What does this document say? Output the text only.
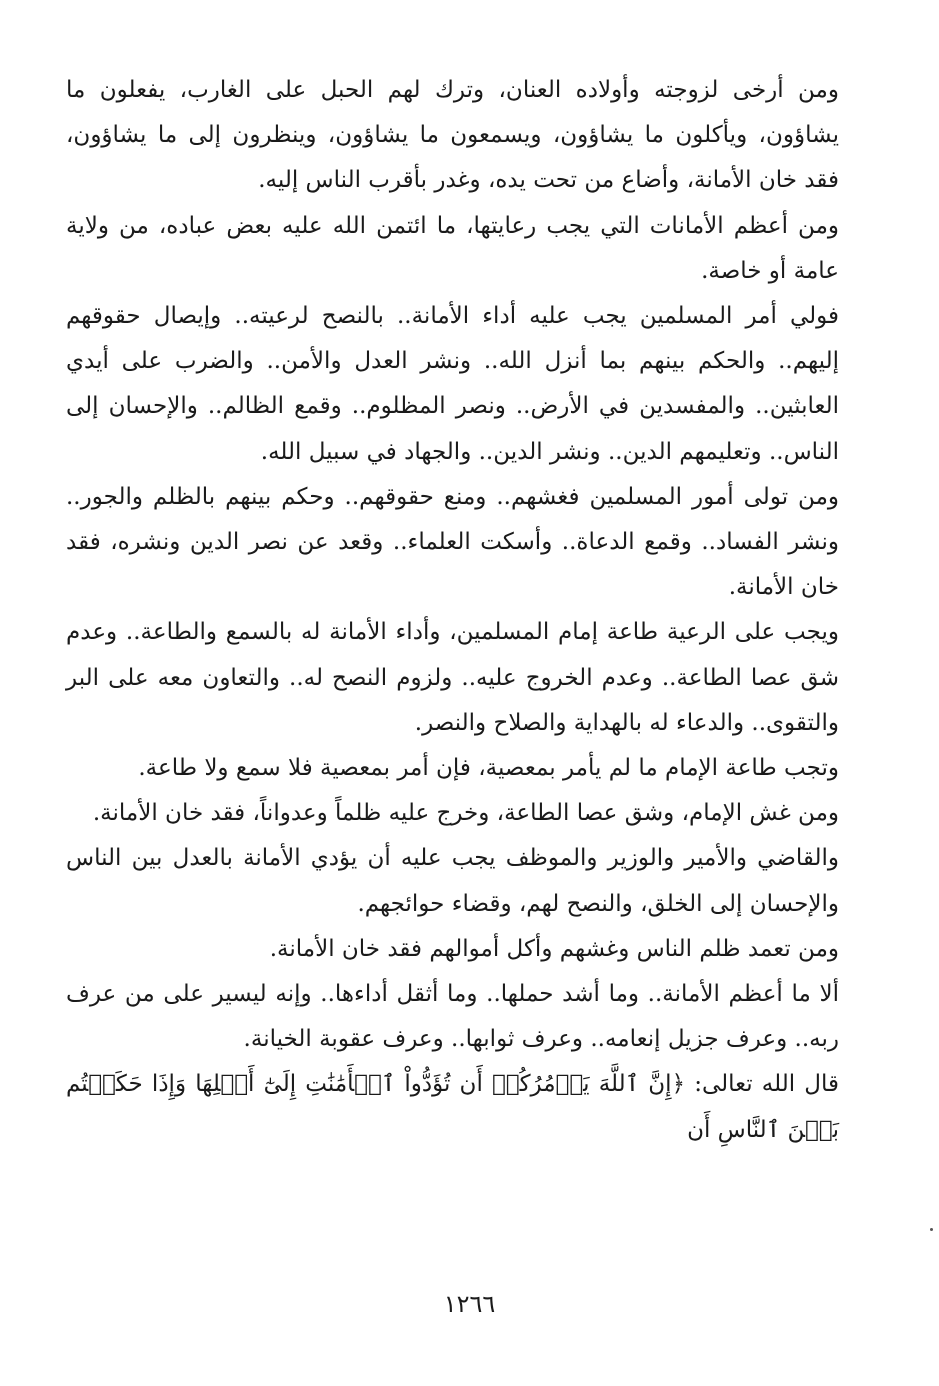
ومن أرخى لزوجته وأولاده العنان، وترك لهم الحبل على الغارب، يفعلون ما يشاؤون، ويأكلون ما يشاؤون، ويسمعون ما يشاؤون، وينظرون إلى ما يشاؤون، فقد خان الأمانة، وأضاع من تحت يده، وغدر بأقرب الناس إليه.

ومن أعظم الأمانات التي يجب رعايتها، ما ائتمن الله عليه بعض عباده، من ولاية عامة أو خاصة.

فولي أمر المسلمين يجب عليه أداء الأمانة.. بالنصح لرعيته.. وإيصال حقوقهم إليهم.. والحكم بينهم بما أنزل الله.. ونشر العدل والأمن.. والضرب على أيدي العابثين.. والمفسدين في الأرض.. ونصر المظلوم.. وقمع الظالم.. والإحسان إلى الناس.. وتعليمهم الدين.. ونشر الدين.. والجهاد في سبيل الله.

ومن تولى أمور المسلمين فغشهم.. ومنع حقوقهم.. وحكم بينهم بالظلم والجور.. ونشر الفساد.. وقمع الدعاة.. وأسكت العلماء.. وقعد عن نصر الدين ونشره، فقد خان الأمانة.

ويجب على الرعية طاعة إمام المسلمين، وأداء الأمانة له بالسمع والطاعة.. وعدم شق عصا الطاعة.. وعدم الخروج عليه.. ولزوم النصح له.. والتعاون معه على البر والتقوى.. والدعاء له بالهداية والصلاح والنصر.

وتجب طاعة الإمام ما لم يأمر بمعصية، فإن أمر بمعصية فلا سمع ولا طاعة.

ومن غش الإمام، وشق عصا الطاعة، وخرج عليه ظلماً وعدواناً، فقد خان الأمانة.

والقاضي والأمير والوزير والموظف يجب عليه أن يؤدي الأمانة بالعدل بين الناس والإحسان إلى الخلق، والنصح لهم، وقضاء حوائجهم.

ومن تعمد ظلم الناس وغشهم وأكل أموالهم فقد خان الأمانة.

ألا ما أعظم الأمانة.. وما أشد حملها.. وما أثقل أداءها.. وإنه ليسير على من عرف ربه.. وعرف جزيل إنعامه.. وعرف ثوابها.. وعرف عقوبة الخيانة.

قال الله تعالى: ﴿إِنَّ ٱللَّهَ يَأۡمُرُكُمۡ أَن تُؤَدُّواْ ٱلۡأَمَٰنَٰتِ إِلَىٰٓ أَهۡلِهَا وَإِذَا حَكَمۡتُم بَيۡنَ ٱلنَّاسِ أَن

١٢٦٦
